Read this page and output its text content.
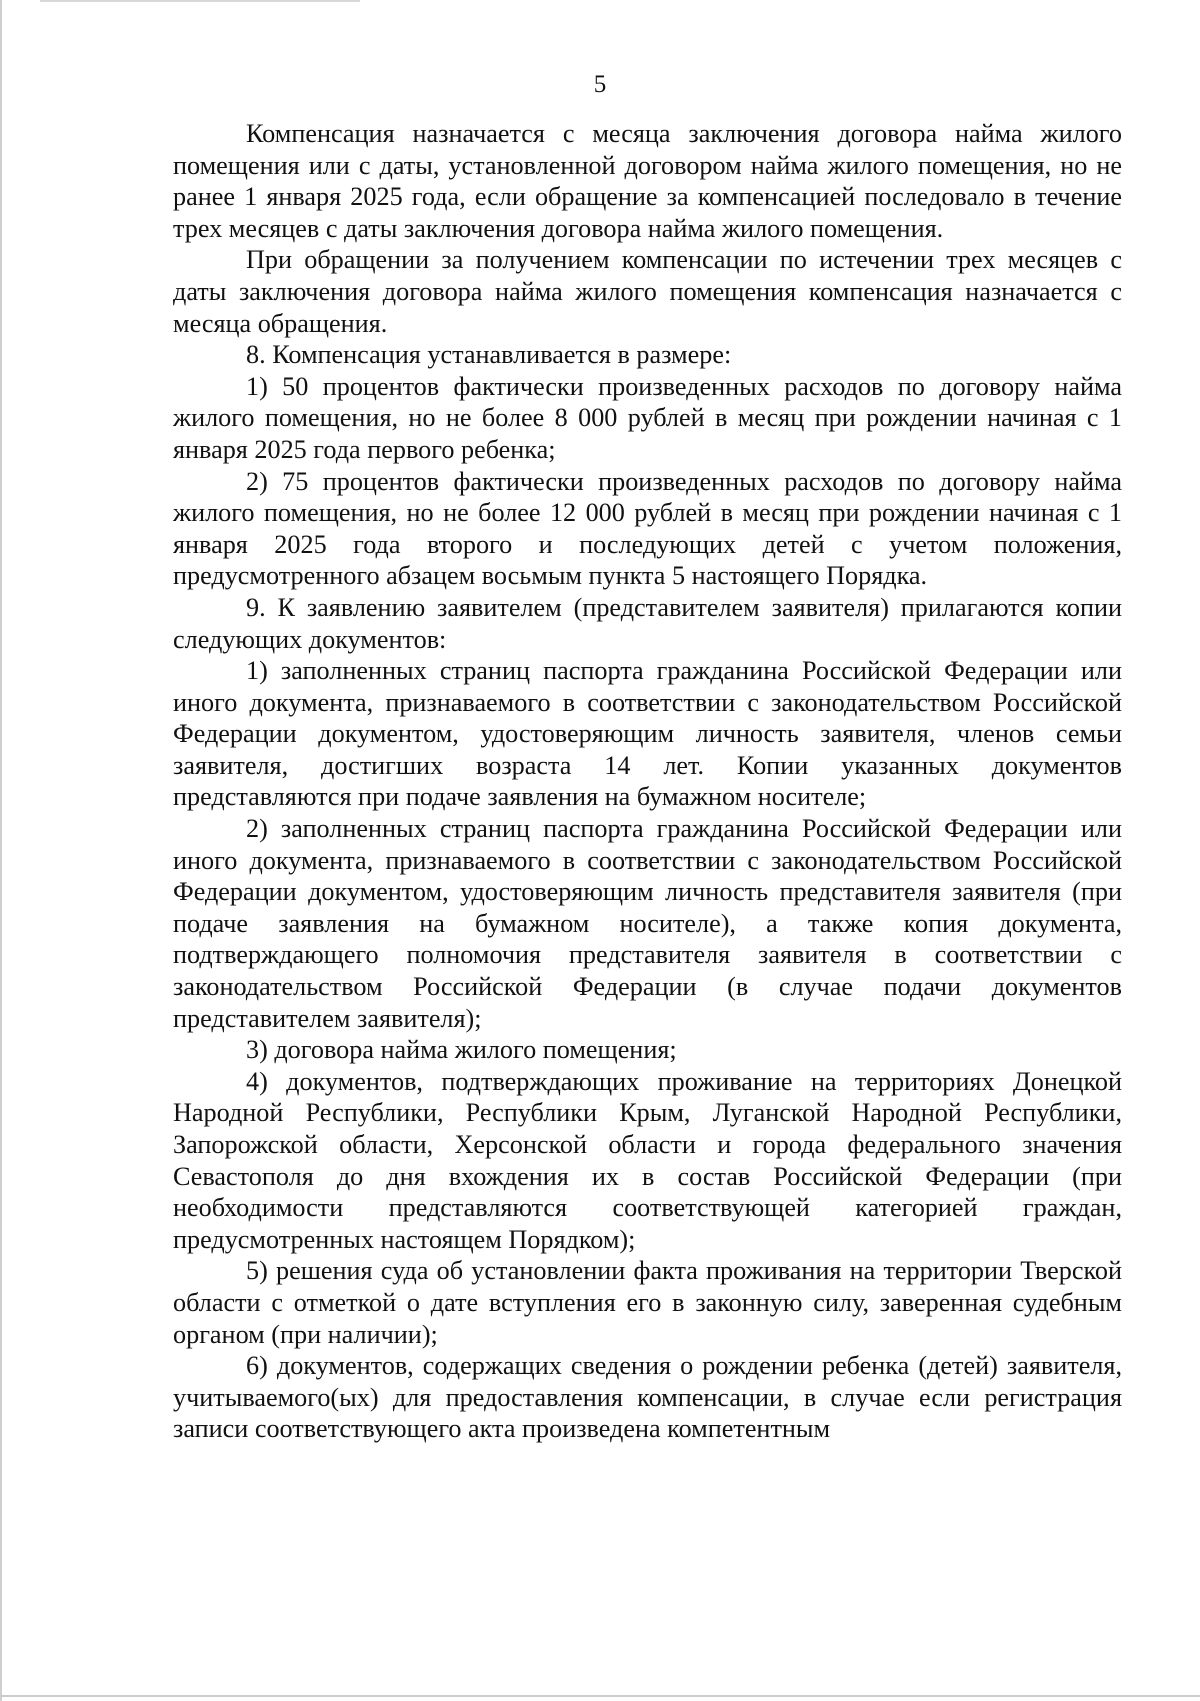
5

Компенсация назначается с месяца заключения договора найма жилого помещения или с даты, установленной договором найма жилого помещения, но не ранее 1 января 2025 года, если обращение за компенсацией последовало в течение трех месяцев с даты заключения договора найма жилого помещения.

При обращении за получением компенсации по истечении трех месяцев с даты заключения договора найма жилого помещения компенсация назначается с месяца обращения.

8. Компенсация устанавливается в размере:

1) 50 процентов фактически произведенных расходов по договору найма жилого помещения, но не более 8 000 рублей в месяц при рождении начиная с 1 января 2025 года первого ребенка;

2) 75 процентов фактически произведенных расходов по договору найма жилого помещения, но не более 12 000 рублей в месяц при рождении начиная с 1 января 2025 года второго и последующих детей с учетом положения, предусмотренного абзацем восьмым пункта 5 настоящего Порядка.

9. К заявлению заявителем (представителем заявителя) прилагаются копии следующих документов:

1) заполненных страниц паспорта гражданина Российской Федерации или иного документа, признаваемого в соответствии с законодательством Российской Федерации документом, удостоверяющим личность заявителя, членов семьи заявителя, достигших возраста 14 лет. Копии указанных документов представляются при подаче заявления на бумажном носителе;

2) заполненных страниц паспорта гражданина Российской Федерации или иного документа, признаваемого в соответствии с законодательством Российской Федерации документом, удостоверяющим личность представителя заявителя (при подаче заявления на бумажном носителе), а также копия документа, подтверждающего полномочия представителя заявителя в соответствии с законодательством Российской Федерации (в случае подачи документов представителем заявителя);

3) договора найма жилого помещения;

4) документов, подтверждающих проживание на территориях Донецкой Народной Республики, Республики Крым, Луганской Народной Республики, Запорожской области, Херсонской области и города федерального значения Севастополя до дня вхождения их в состав Российской Федерации (при необходимости представляются соответствующей категорией граждан, предусмотренных настоящем Порядком);

5) решения суда об установлении факта проживания на территории Тверской области с отметкой о дате вступления его в законную силу, заверенная судебным органом (при наличии);

6) документов, содержащих сведения о рождении ребенка (детей) заявителя, учитываемого(ых) для предоставления компенсации, в случае если регистрация записи соответствующего акта произведена компетентным
